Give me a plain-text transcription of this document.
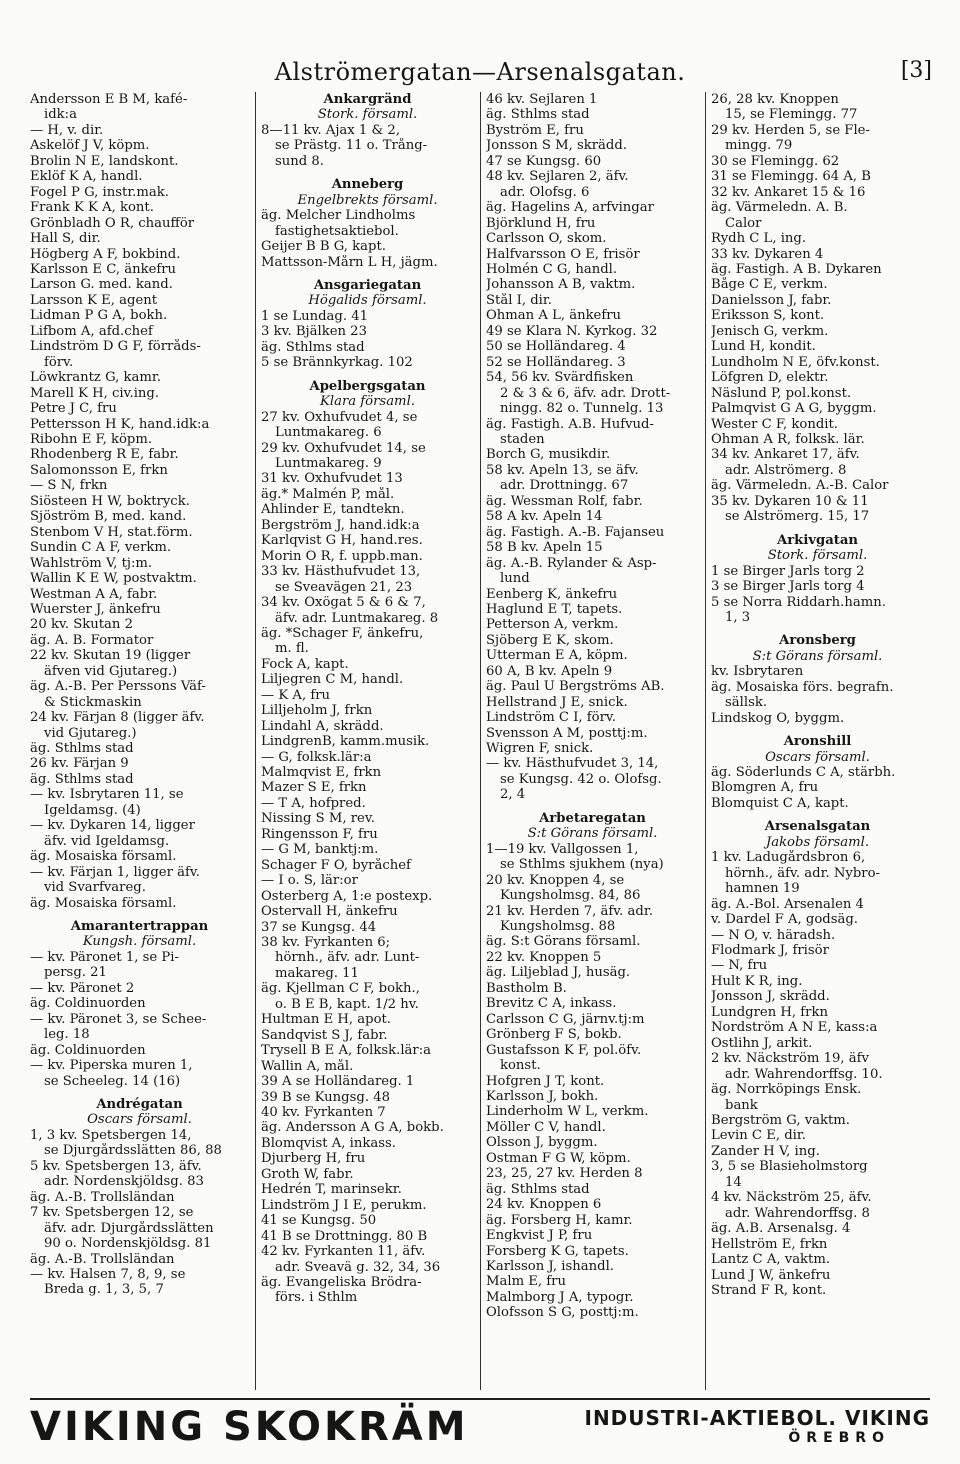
Alströmergatan—Arsenalsgatan.	[3]
Andersson E B M, kafé-
idk:a
— H, v. dir.
Askelöf J V, köpm.
Brolin N E, landskont.
Eklöf K A, handl.
Fogel P G, instr.mak.
Frank K K A, kont.
Grönbladh O R, chaufför
Hall S, dir.
Högberg A F, bokbind.
Karlsson E C, änkefru
Larson G. med. kand.
Larsson K E, agent
Lidman P G A, bokh.
Lifbom A, afd.chef
Lindström D G F, förråds-
förv.
Löwkrantz G, kamr.
Marell K H, civ.ing.
Petre J C, fru
Pettersson H K, hand.idk:a
Ribohn E F, köpm.
Rhodenberg R E, fabr.
Salomonsson E, frkn
— S N, frkn
Siösteen H W, boktryck.
Sjöström B, med. kand.
Stenbom V H, stat.förm.
Sundin C A F, verkm.
Wahlström V, tj:m.
Wallin K E W, postvaktm.
Westman A A, fabr.
Wuerster J, änkefru
20 kv. Skutan 2
äg. A. B. Formator
22 kv. Skutan 19 (ligger
äfven vid Gjutareg.)
äg. A.-B. Per Perssons Väf-
& Stickmaskin
24 kv. Färjan 8 (ligger äfv.
vid Gjutareg.)
äg. Sthlms stad
26 kv. Färjan 9
äg. Sthlms stad
— kv. Isbrytaren 11, se
Igeldamsg. (4)
— kv. Dykaren 14, ligger
äfv. vid Igeldamsg.
äg. Mosaiska församl.
— kv. Färjan 1, ligger äfv.
vid Svarfvareg.
äg. Mosaiska församl.
Amarantertrappan
Kungsh. församl.
— kv. Päronet 1, se Pi-
persg. 21
— kv. Päronet 2
äg. Coldinuorden
— kv. Päronet 3, se Schee-
leg. 18
äg. Coldinuorden
— kv. Piperska muren 1,
se Scheeleg. 14 (16)
Andrégatan
Oscars församl.
1, 3 kv. Spetsbergen 14,
se Djurgårdsslätten 86, 88
5 kv. Spetsbergen 13, äfv.
adr. Nordenskjöldsg. 83
äg. A.-B. Trollsländan
7 kv. Spetsbergen 12, se
äfv. adr. Djurgårdsslätten
90 o. Nordenskjöldsg. 81
äg. A.-B. Trollsländan
— kv. Halsen 7, 8, 9, se
Breda g. 1, 3, 5, 7
Ankargränd
Stork. församl.
8—11 kv. Ajax 1 & 2,
se Prästg. 11 o. Trång-
sund 8.
Anneberg
Engelbrekts församl.
äg. Melcher Lindholms
fastighetsaktiebol.
Geijer B B G, kapt.
Mattsson-Mårn L H, jägm.
Ansgariegatan
Högalids församl.
1 se Lundag. 41
3 kv. Bjälken 23
äg. Sthlms stad
5 se Brännkyrkag. 102
Apelbergsgatan
Klara församl.
27 kv. Oxhufvudet 4, se
Luntmakareg. 6
29 kv. Oxhufvudet 14, se
Luntmakareg. 9
31 kv. Oxhufvudet 13
äg.* Malmén P, mål.
Ahlinder E, tandtekn.
Bergström J, hand.idk:a
Karlqvist G H, hand.res.
Morin O R, f. uppb.man.
33 kv. Hästhufvudet 13,
se Sveavägen 21, 23
34 kv. Oxögat 5 & 6 & 7,
äfv. adr. Luntmakareg. 8
äg. *Schager F, änkefru,
m. fl.
Fock A, kapt.
Liljegren C M, handl.
— K A, fru
Lilljeholm J, frkn
Lindahl A, skrädd.
LindgrenB, kamm.musik.
— G, folksk.lär:a
Malmqvist E, frkn
Mazer S E, frkn
— T A, hofpred.
Nissing S M, rev.
Ringensson F, fru
— G M, banktj:m.
Schager F O, byråchef
— I o. S, lär:or
Österberg A, 1:e postexp.
Östervall H, änkefru
37 se Kungsg. 44
38 kv. Fyrkanten 6;
hörnh., äfv. adr. Lunt-
makareg. 11
äg. Kjellman C F, bokh.,
o. B E B, kapt. 1/2 hv.
Hultman E H, apot.
Sandqvist S J, fabr.
Trysell B E A, folksk.lär:a
Wallin A, mål.
39 A se Holländareg. 1
39 B se Kungsg. 48
40 kv. Fyrkanten 7
äg. Andersson A G A, bokb.
Blomqvist A, inkass.
Djurberg H, fru
Groth W, fabr.
Hedrén T, marinsekr.
Lindström J I E, perukm.
41 se Kungsg. 50
41 B se Drottningg. 80 B
42 kv. Fyrkanten 11, äfv.
adr. Sveavä g. 32, 34, 36
äg. Evangeliska Brödra-
förs. i Sthlm
46 kv. Sejlaren 1
äg. Sthlms stad
Byström E, fru
Jonsson S M, skrädd.
47 se Kungsg. 60
48 kv. Sejlaren 2, äfv.
adr. Olofsg. 6
äg. Hagelins A, arfvingar
Björklund H, fru
Carlsson O, skom.
Halfvarsson O E, frisör
Holmén C G, handl.
Johansson A B, vaktm.
Stål I, dir.
Öhman A L, änkefru
49 se Klara N. Kyrkog. 32
50 se Holländareg. 4
52 se Holländareg. 3
54, 56 kv. Svärdfisken
2 & 3 & 6, äfv. adr. Drott-
ningg. 82 o. Tunnelg. 13
äg. Fastigh. A.B. Hufvud-
staden
Borch G, musikdir.
58 kv. Apeln 13, se äfv.
adr. Drottningg. 67
äg. Wessman Rolf, fabr.
58 A kv. Apeln 14
äg. Fastigh. A.-B. Fajanseu
58 B kv. Apeln 15
äg. A.-B. Rylander & Asp-
lund
Eenberg K, änkefru
Haglund E T, tapets.
Petterson A, verkm.
Sjöberg E K, skom.
Utterman E A, köpm.
60 A, B kv. Apeln 9
äg. Paul U Bergströms AB.
Hellstrand J E, snick.
Lindström C I, förv.
Svensson A M, posttj:m.
Wigren F, snick.
— kv. Hästhufvudet 3, 14,
se Kungsg. 42 o. Olofsg.
2, 4
Arbetaregatan
S:t Görans församl.
1—19 kv. Vallgossen 1,
se Sthlms sjukhem (nya)
20 kv. Knoppen 4, se
Kungsholmsg. 84, 86
21 kv. Herden 7, äfv. adr.
Kungsholmsg. 88
äg. S:t Görans församl.
22 kv. Knoppen 5
äg. Liljeblad J, husäg.
Bastholm B.
Brevitz C A, inkass.
Carlsson C G, järnv.tj:m
Grönberg F S, bokb.
Gustafsson K F, pol.öfv.
konst.
Hofgren J T, kont.
Karlsson J, bokh.
Linderholm W L, verkm.
Möller C V, handl.
Olsson J, byggm.
Östman F G W, köpm.
23, 25, 27 kv. Herden 8
äg. Sthlms stad
24 kv. Knoppen 6
äg. Forsberg H, kamr.
Engkvist J P, fru
Forsberg K G, tapets.
Karlsson J, ishandl.
Malm E, fru
Malmborg J A, typogr.
Olofsson S G, posttj:m.
26, 28 kv. Knoppen
15, se Flemingg. 77
29 kv. Herden 5, se Fle-
mingg. 79
30 se Flemingg. 62
31 se Flemingg. 64 A, B
32 kv. Ankaret 15 & 16
äg. Värmeledn. A. B.
Calor
Rydh C L, ing.
33 kv. Dykaren 4
äg. Fastigh. A B. Dykaren
Båge C E, verkm.
Danielsson J, fabr.
Eriksson S, kont.
Jenisch G, verkm.
Lund H, kondit.
Lundholm N E, öfv.konst.
Löfgren D, elektr.
Näslund P, pol.konst.
Palmqvist G A G, byggm.
Wester C F, kondit.
Öhman A R, folksk. lär.
34 kv. Ankaret 17, äfv.
adr. Alströmerg. 8
äg. Värmeledn. A.-B. Calor
35 kv. Dykaren 10 & 11
se Alströmerg. 15, 17
Arkivgatan
Stork. församl.
1 se Birger Jarls torg 2
3 se Birger Jarls torg 4
5 se Norra Riddarh.hamn.
1, 3
Aronsberg
S:t Görans församl.
kv. Isbrytaren
äg. Mosaiska förs. begrafn.
sällsk.
Lindskog O, byggm.
Aronshill
Oscars församl.
äg. Söderlunds C A, stärbh.
Blomgren A, fru
Blomquist C A, kapt.
Arsenalsgatan
Jakobs församl.
1 kv. Ladugårdsbron 6,
hörnh., äfv. adr. Nybro-
hamnen 19
äg. A.-Bol. Arsenalen 4
v. Dardel F A, godsäg.
— N O, v. häradsh.
Flodmark J, frisör
— N, fru
Hult K R, ing.
Jonsson J, skrädd.
Lundgren H, frkn
Nordström A N E, kass:a
Östlihn J, arkit.
2 kv. Näckström 19, äfv
adr. Wahrendorffsg. 10.
äg. Norrköpings Ensk.
bank
Bergström G, vaktm.
Levin C E, dir.
Zander H V, ing.
3, 5 se Blasieholmstorg
14
4 kv. Näckström 25, äfv.
adr. Wahrendorffsg. 8
äg. A.B. Arsenalsg. 4
Hellström E, frkn
Lantz C A, vaktm.
Lund J W, änkefru
Strand F R, kont.
VIKING SKOKRÄM	INDUSTRI-AKTIEBOL. VIKING
ÖREBRO
